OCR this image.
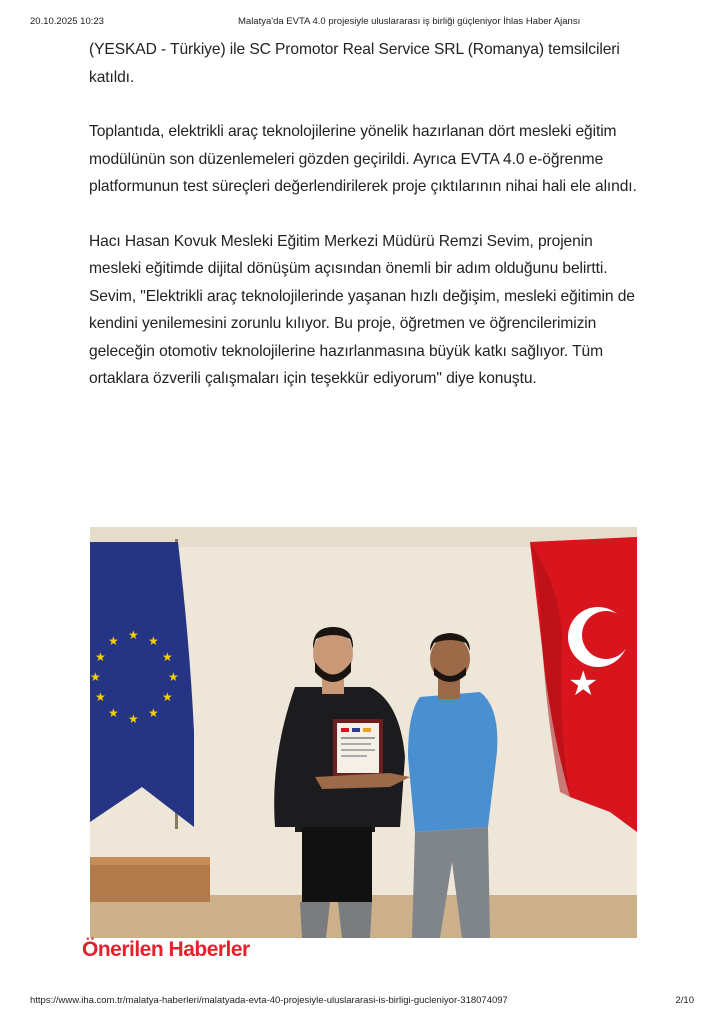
20.10.2025 10:23	Malatya'da EVTA 4.0 projesiyle uluslararası iş birliği güçleniyor İhlas Haber Ajansı

(YESKAD - Türkiye) ile SC Promotor Real Service SRL (Romanya) temsilcileri katıldı.

Toplantıda, elektrikli araç teknolojilerine yönelik hazırlanan dört mesleki eğitim modülünün son düzenlemeleri gözden geçirildi. Ayrıca EVTA 4.0 e-öğrenme platformunun test süreçleri değerlendirilerek proje çıktılarının nihai hali ele alındı.

Hacı Hasan Kovuk Mesleki Eğitim Merkezi Müdürü Remzi Sevim, projenin mesleki eğitimde dijital dönüşüm açısından önemli bir adım olduğunu belirtti. Sevim, "Elektrikli araç teknolojilerinde yaşanan hızlı değişim, mesleki eğitimin de kendini yenilemesini zorunlu kılıyor. Bu proje, öğretmen ve öğrencilerimizin geleceğin otomotiv teknolojilerine hazırlanmasına büyük katkı sağlıyor. Tüm ortaklara özverili çalışmaları için teşekkür ediyorum" diye konuştu.

★ ★
★
★
★
★
★
★
★
★
★
★
★
Önerilen Haberler
https://www.iha.com.tr/malatya-haberleri/malatyada-evta-40-projesiyle-uluslararasi-is-birligi-gucleniyor-318074097	2/10
